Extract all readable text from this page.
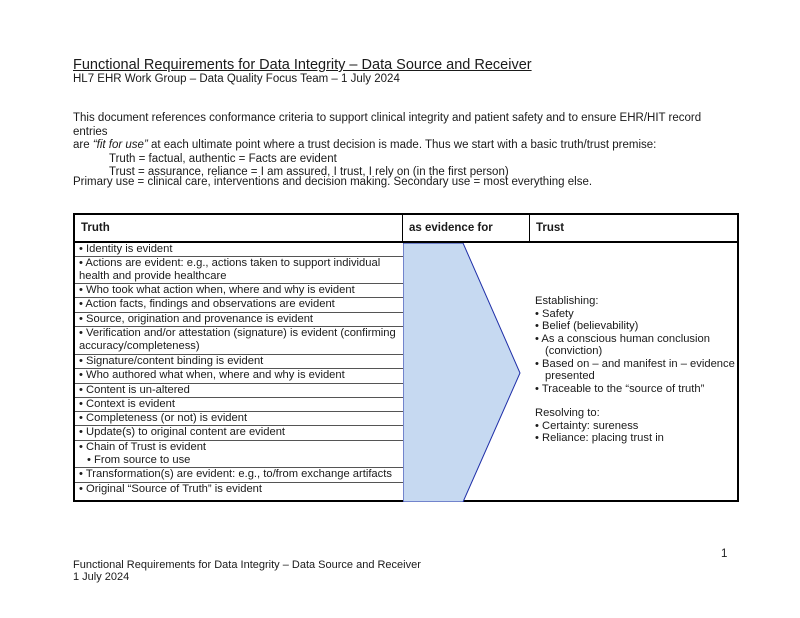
Functional Requirements for Data Integrity – Data Source and Receiver
HL7 EHR Work Group – Data Quality Focus Team – 1 July 2024
This document references conformance criteria to support clinical integrity and patient safety and to ensure EHR/HIT record entries
are “fit for use” at each ultimate point where a trust decision is made. Thus we start with a basic truth/trust premise:
Truth = factual, authentic = Facts are evident
Trust = assurance, reliance = I am assured, I trust, I rely on (in the first person)
Primary use = clinical care, interventions and decision making. Secondary use = most everything else.
Truth	as evidence for	Trust
• Identity is evident
• Actions are evident: e.g., actions taken to support individual health and provide healthcare
• Who took what action when, where and why is evident
• Action facts, findings and observations are evident
• Source, origination and provenance is evident
• Verification and/or attestation (signature) is evident (confirming accuracy/completeness)
• Signature/content binding is evident
• Who authored what when, where and why is evident
• Content is un-altered
• Context is evident
• Completeness (or not) is evident
• Update(s) to original content are evident
• Chain of Trust is evident
• From source to use
• Transformation(s) are evident: e.g., to/from exchange artifacts
• Original “Source of Truth” is evident
Establishing:
• Safety
• Belief (believability)
• As a conscious human conclusion (conviction)
• Based on – and manifest in – evidence presented
• Traceable to the “source of truth”
Resolving to:
• Certainty: sureness
• Reliance: placing trust in
1
Functional Requirements for Data Integrity – Data Source and Receiver
1 July 2024
